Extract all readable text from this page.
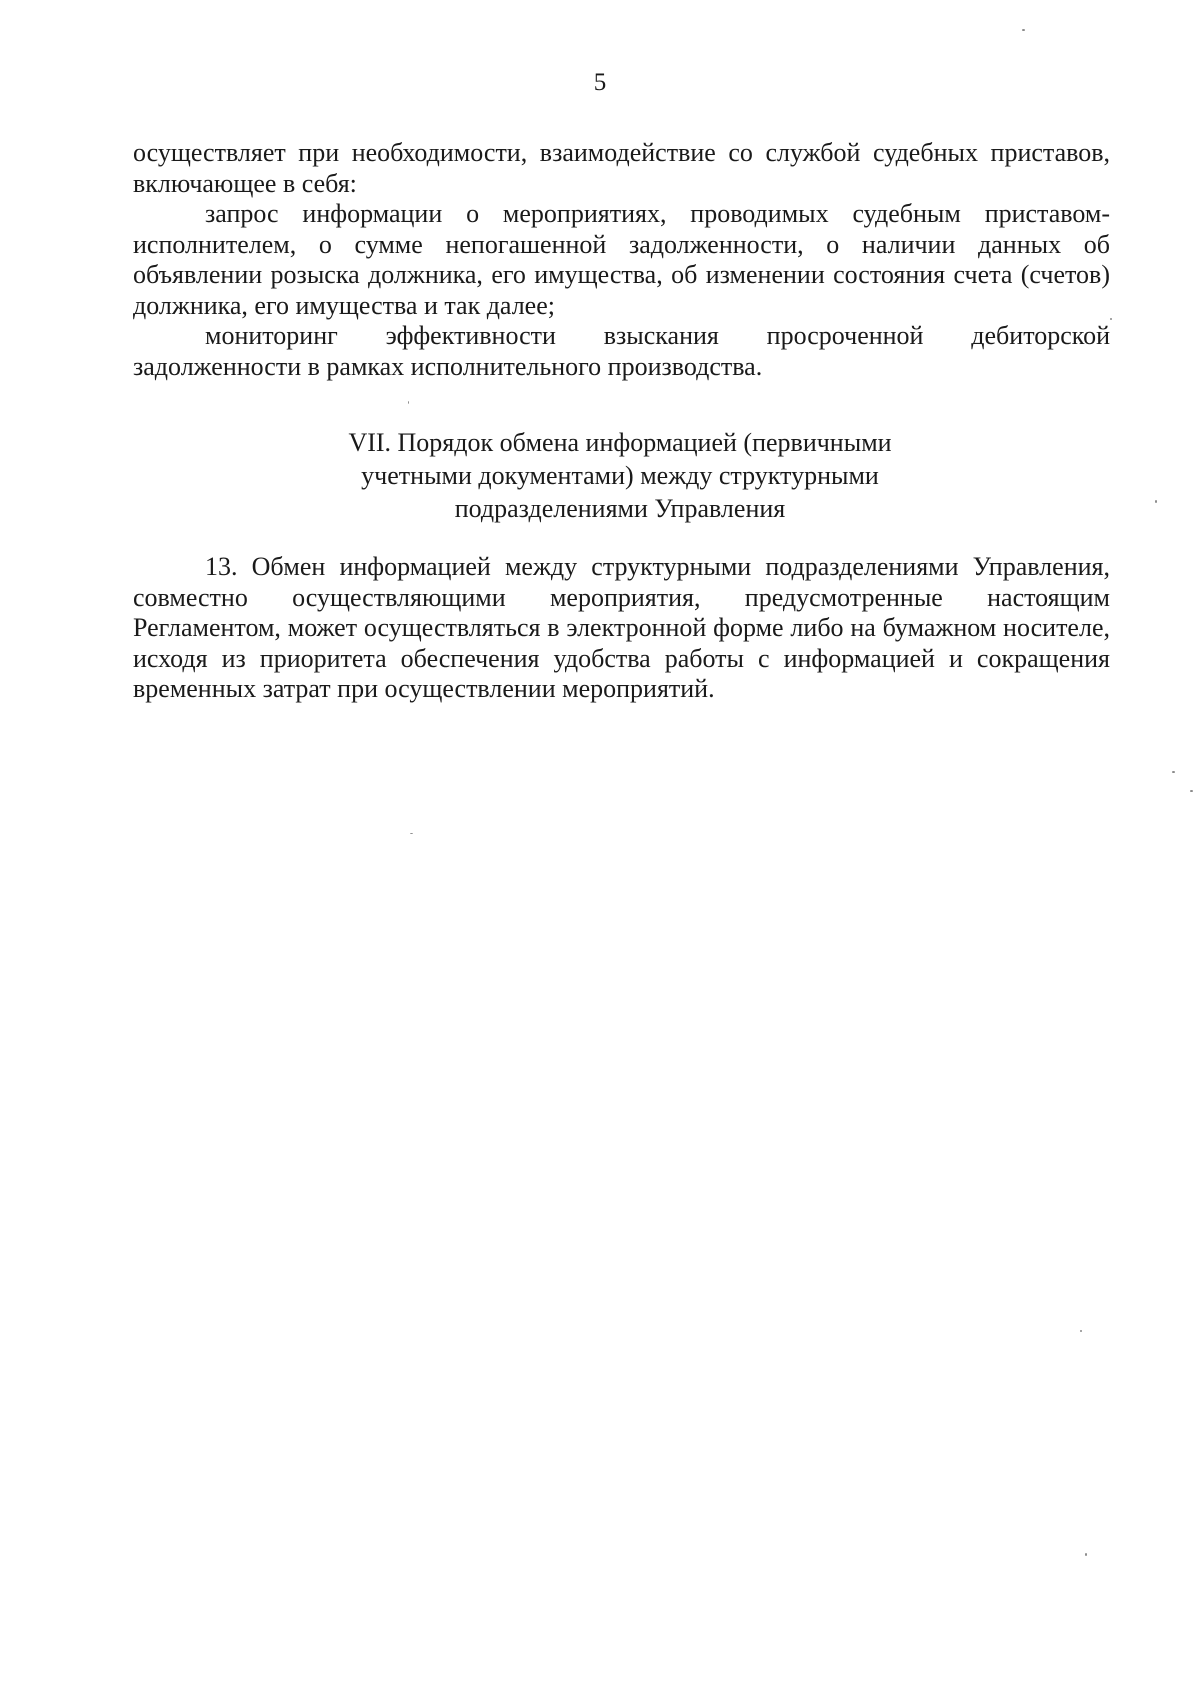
5

осуществляет при необходимости, взаимодействие со службой судебных приставов, включающее в себя:

запрос информации о мероприятиях, проводимых судебным приставом-исполнителем, о сумме непогашенной задолженности, о наличии данных об объявлении розыска должника, его имущества, об изменении состояния счета (счетов) должника, его имущества и так далее;

мониторинг эффективности взыскания просроченной дебиторской задолженности в рамках исполнительного производства.

VII. Порядок обмена информацией (первичными
учетными документами) между структурными
подразделениями Управления

13. Обмен информацией между структурными подразделениями Управления, совместно осуществляющими мероприятия, предусмотренные настоящим Регламентом, может осуществляться в электронной форме либо на бумажном носителе, исходя из приоритета обеспечения удобства работы с информацией и сокращения временных затрат при осуществлении мероприятий.
